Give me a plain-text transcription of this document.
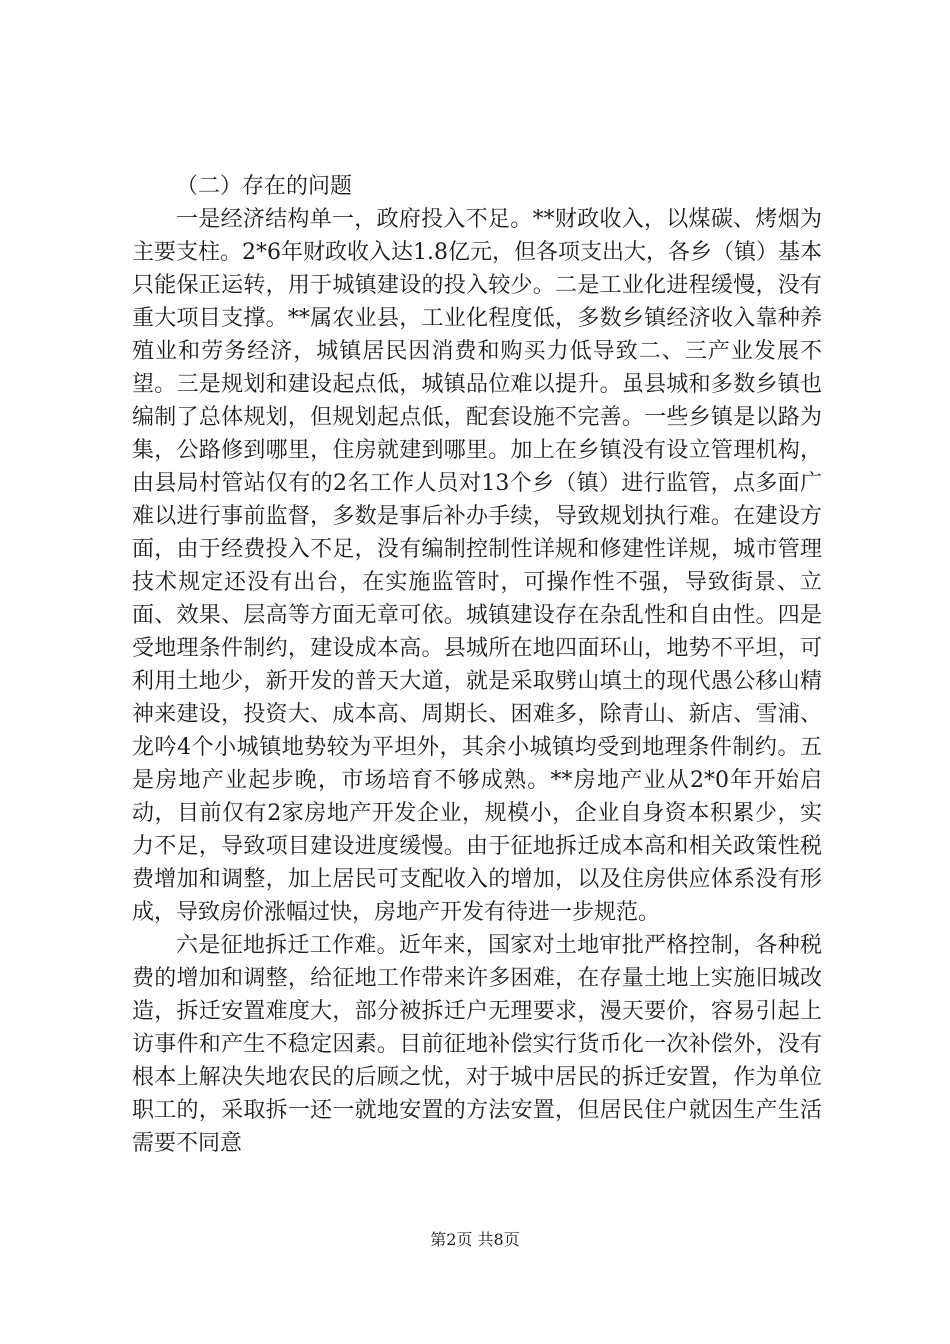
（二）存在的问题

一是经济结构单一，政府投入不足。**财政收入，以煤碳、烤烟为主要支柱。2*6年财政收入达1.8亿元，但各项支出大，各乡（镇）基本只能保正运转，用于城镇建设的投入较少。二是工业化进程缓慢，没有重大项目支撑。**属农业县，工业化程度低，多数乡镇经济收入靠种养殖业和劳务经济，城镇居民因消费和购买力低导致二、三产业发展不望。三是规划和建设起点低，城镇品位难以提升。虽县城和多数乡镇也编制了总体规划，但规划起点低，配套设施不完善。一些乡镇是以路为集，公路修到哪里，住房就建到哪里。加上在乡镇没有设立管理机构，由县局村管站仅有的2名工作人员对13个乡（镇）进行监管，点多面广难以进行事前监督，多数是事后补办手续，导致规划执行难。在建设方面，由于经费投入不足，没有编制控制性详规和修建性详规，城市管理技术规定还没有出台，在实施监管时，可操作性不强，导致街景、立面、效果、层高等方面无章可依。城镇建设存在杂乱性和自由性。四是受地理条件制约，建设成本高。县城所在地四面环山，地势不平坦，可利用土地少，新开发的普天大道，就是采取劈山填土的现代愚公移山精神来建设，投资大、成本高、周期长、困难多，除青山、新店、雪浦、龙吟4个小城镇地势较为平坦外，其余小城镇均受到地理条件制约。五是房地产业起步晚，市场培育不够成熟。**房地产业从2*0年开始启动，目前仅有2家房地产开发企业，规模小，企业自身资本积累少，实力不足，导致项目建设进度缓慢。由于征地拆迁成本高和相关政策性税费增加和调整，加上居民可支配收入的增加，以及住房供应体系没有形成，导致房价涨幅过快，房地产开发有待进一步规范。

六是征地拆迁工作难。近年来，国家对土地审批严格控制，各种税费的增加和调整，给征地工作带来许多困难，在存量土地上实施旧城改造，拆迁安置难度大，部分被拆迁户无理要求，漫天要价，容易引起上访事件和产生不稳定因素。目前征地补偿实行货币化一次补偿外，没有根本上解决失地农民的后顾之忧，对于城中居民的拆迁安置，作为单位职工的，采取拆一还一就地安置的方法安置，但居民住户就因生产生活需要不同意

第2页 共8页
